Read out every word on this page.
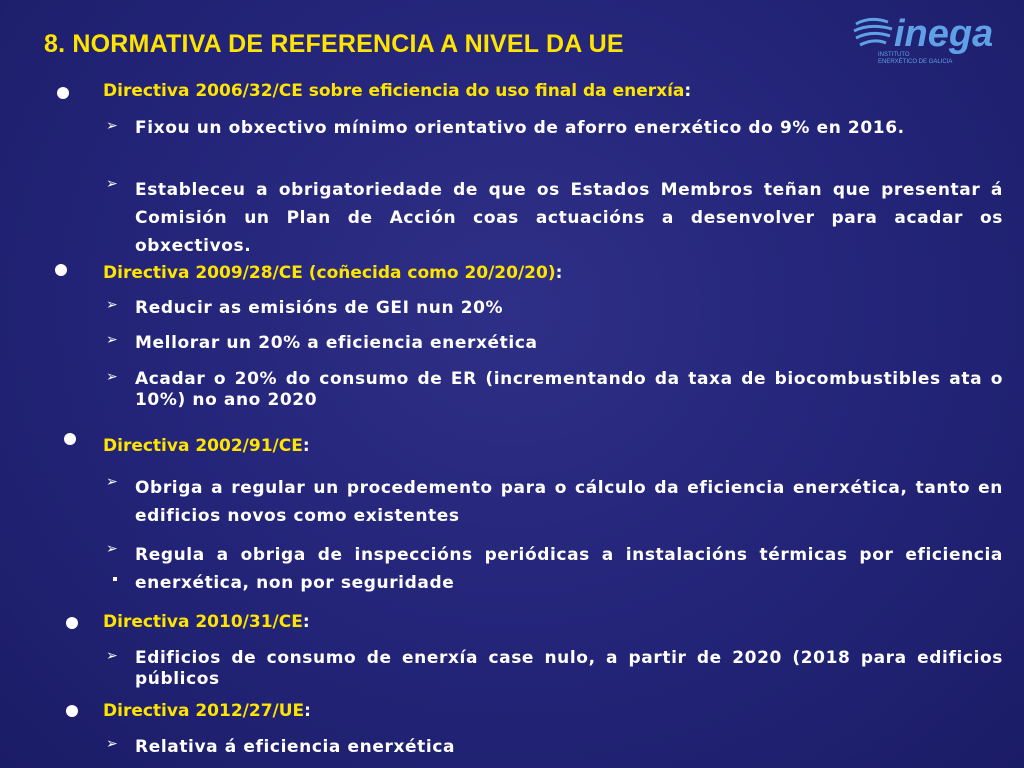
8. NORMATIVA DE REFERENCIA A NIVEL DA UE	inega
INSTITUTO
ENERXÉTICO DE GALICIA
Directiva 2006/32/CE sobre eficiencia do uso final da enerxía:
➢	Fixou un obxectivo mínimo orientativo de aforro enerxético do 9% en 2016.
➢	Estableceu a obrigatoriedade de que os Estados Membros teñan que presentar á Comisión un Plan de Acción coas actuacións a desenvolver para acadar os obxectivos.
Directiva 2009/28/CE (coñecida como 20/20/20):
➢	Reducir as emisións de GEI nun 20%
➢	Mellorar un 20% a eficiencia enerxética
➢	Acadar o 20% do consumo de ER (incrementando da taxa de biocombustibles ata o 10%) no ano 2020
Directiva 2002/91/CE:
➢	Obriga a regular un procedemento para o cálculo da eficiencia enerxética, tanto en edificios novos como existentes
➢	Regula a obriga de inspeccións periódicas a instalacións térmicas por eficiencia enerxética, non por seguridade
Directiva 2010/31/CE:
➢	Edificios de consumo de enerxía case nulo, a partir de 2020 (2018 para edificios públicos
Directiva 2012/27/UE:
➢	Relativa á eficiencia enerxética
